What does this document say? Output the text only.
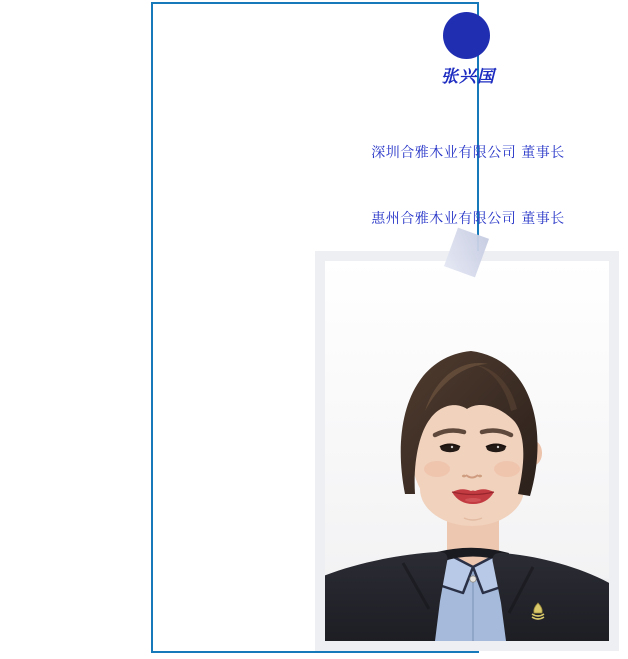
张兴国

深圳合雅木业有限公司 董事长

惠州合雅木业有限公司 董事长
